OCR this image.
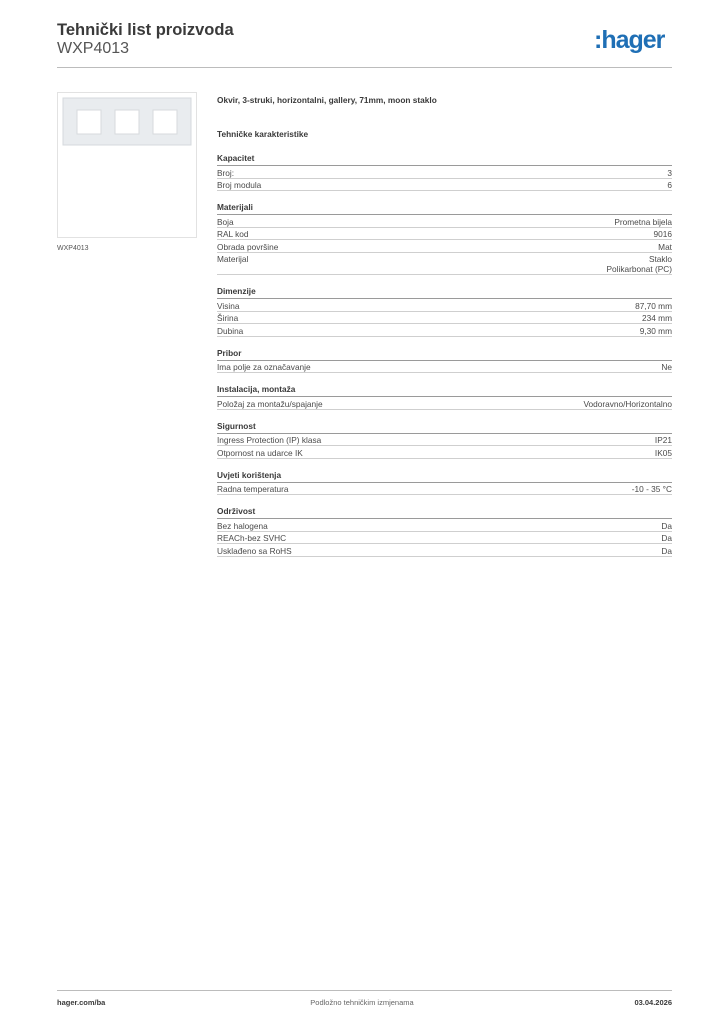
Tehnički list proizvoda
WXP4013	:hager
WXP4013
Okvir, 3-struki, horizontalni, gallery, 71mm, moon staklo
Tehničke karakteristike
Kapacitet
Broj:	3
Broj modula	6
Materijali
Boja	Prometna bijela
RAL kod	9016
Obrada površine	Mat
Materijal	Staklo
Polikarbonat (PC)
Dimenzije
Visina	87,70 mm
Širina	234 mm
Dubina	9,30 mm
Pribor
Ima polje za označavanje	Ne
Instalacija, montaža
Položaj za montažu/spajanje	Vodoravno/Horizontalno
Sigurnost
Ingress Protection (IP) klasa	IP21
Otpornost na udarce IK	IK05
Uvjeti korištenja
Radna temperatura	-10 - 35 °C
Održivost
Bez halogena	Da
REACh-bez SVHC	Da
Usklađeno sa RoHS	Da
hager.com/ba	Podložno tehničkim izmjenama	03.04.2026
